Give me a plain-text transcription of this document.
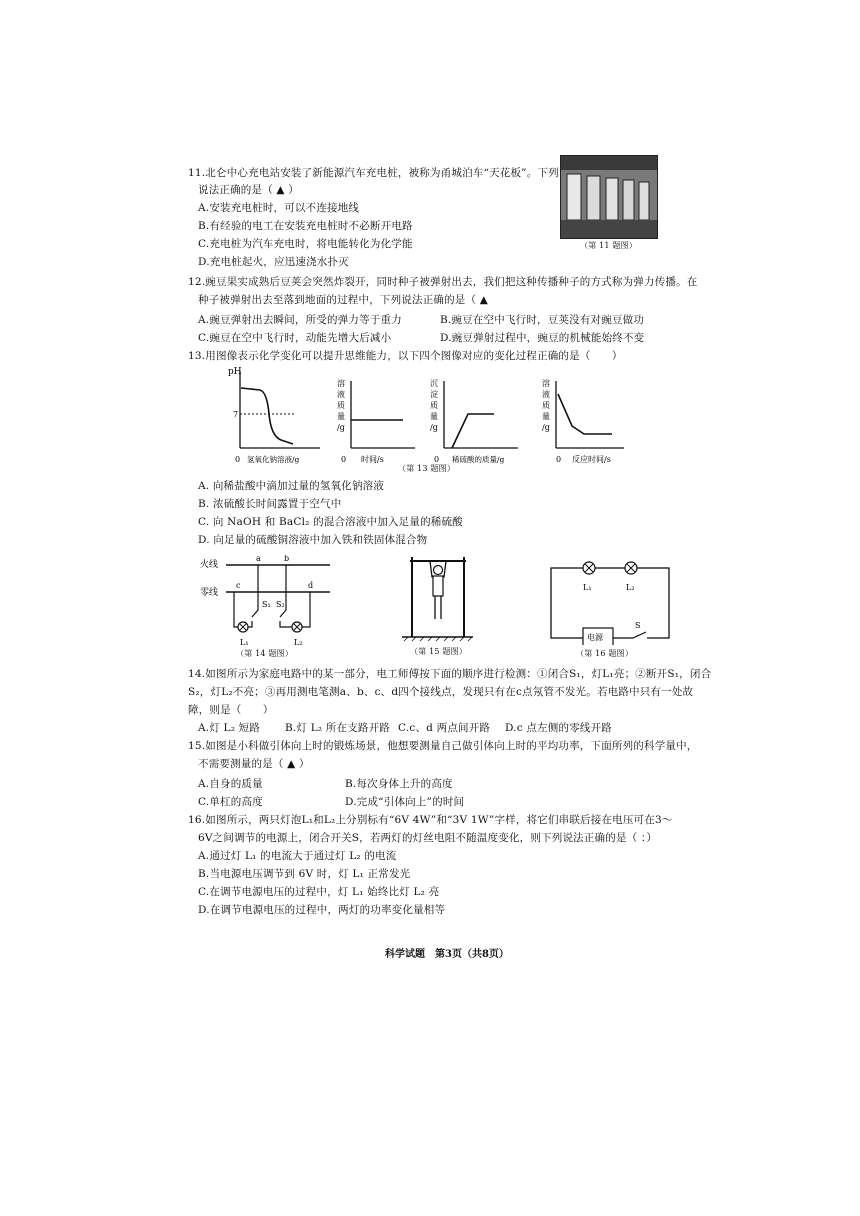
11.北仑中心充电站安装了新能源汽车充电桩，被称为甬城泊车“天花板”。下列
说法正确的是（ ▲ ）
A.安装充电桩时，可以不连接地线
B.有经验的电工在安装充电桩时不必断开电路
C.充电桩为汽车充电时，将电能转化为化学能
D.充电桩起火，应迅速浇水扑灭
（第 11 题图）
12.豌豆果实成熟后豆荚会突然炸裂开，同时种子被弹射出去，我们把这种传播种子的方式称为弹力传播。在
种子被弹射出去至落到地面的过程中，下列说法正确的是（ ▲
A.豌豆弹射出去瞬间，所受的弹力等于重力	B.豌豆在空中飞行时，豆荚没有对豌豆做功
C.豌豆在空中飞行时，动能先增大后减小	D.豌豆弹射过程中，豌豆的机械能始终不变
13.用图像表示化学变化可以提升思维能力，以下四个图像对应的变化过程正确的是（　　）
pH
7
0 氢氧化钠溶液/g
溶
液
质
量
/g
0 时间/s
沉
淀
质
量
/g
0 稀硫酸的质量/g
溶
液
质
量
/g
0 反应时间/s
（第 13 题图）
A. 向稀盐酸中滴加过量的氢氧化钠溶液
B. 浓硫酸长时间露置于空气中
C. 向 NaOH 和 BaCl₂ 的混合溶液中加入足量的稀硫酸
D. 向足量的硫酸铜溶液中加入铁和铁固体混合物
火线
零线
a	b
c	d
S₁
L₁
S₂
L₂
（第 14 题图）	（第 15 题图）
L₁	L₂
电源
S
（第 16 题图）
14.如图所示为家庭电路中的某一部分，电工师傅按下面的顺序进行检测：①闭合S₁，灯L₁亮；②断开S₁，闭合
S₂，灯L₂不亮；③再用测电笔测a、b、c、d四个接线点，发现只有在c点氖管不发光。若电路中只有一处故
障，则是（　　）
A.灯 L₂ 短路 B.灯 L₂ 所在支路开路 C.c、d 两点间开路 D.c 点左侧的零线开路
15.如图是小科做引体向上时的锻炼场景，他想要测量自己做引体向上时的平均功率，下面所列的科学量中，
不需要测量的是（ ▲ ）
A.自身的质量	B.每次身体上升的高度
C.单杠的高度	D.完成“引体向上”的时间
16.如图所示，两只灯泡L₁和L₂上分别标有“6V 4W”和“3V 1W”字样，将它们串联后接在电压可在3～
6V之间调节的电源上，闭合开关S，若两灯的灯丝电阻不随温度变化，则下列说法正确的是（ ：）
A.通过灯 L₁ 的电流大于通过灯 L₂ 的电流
B.当电源电压调节到 6V 时，灯 L₁ 正常发光
C.在调节电源电压的过程中，灯 L₁ 始终比灯 L₂ 亮
D.在调节电源电压的过程中，两灯的功率变化量相等
科学试题　第3页（共8页）
